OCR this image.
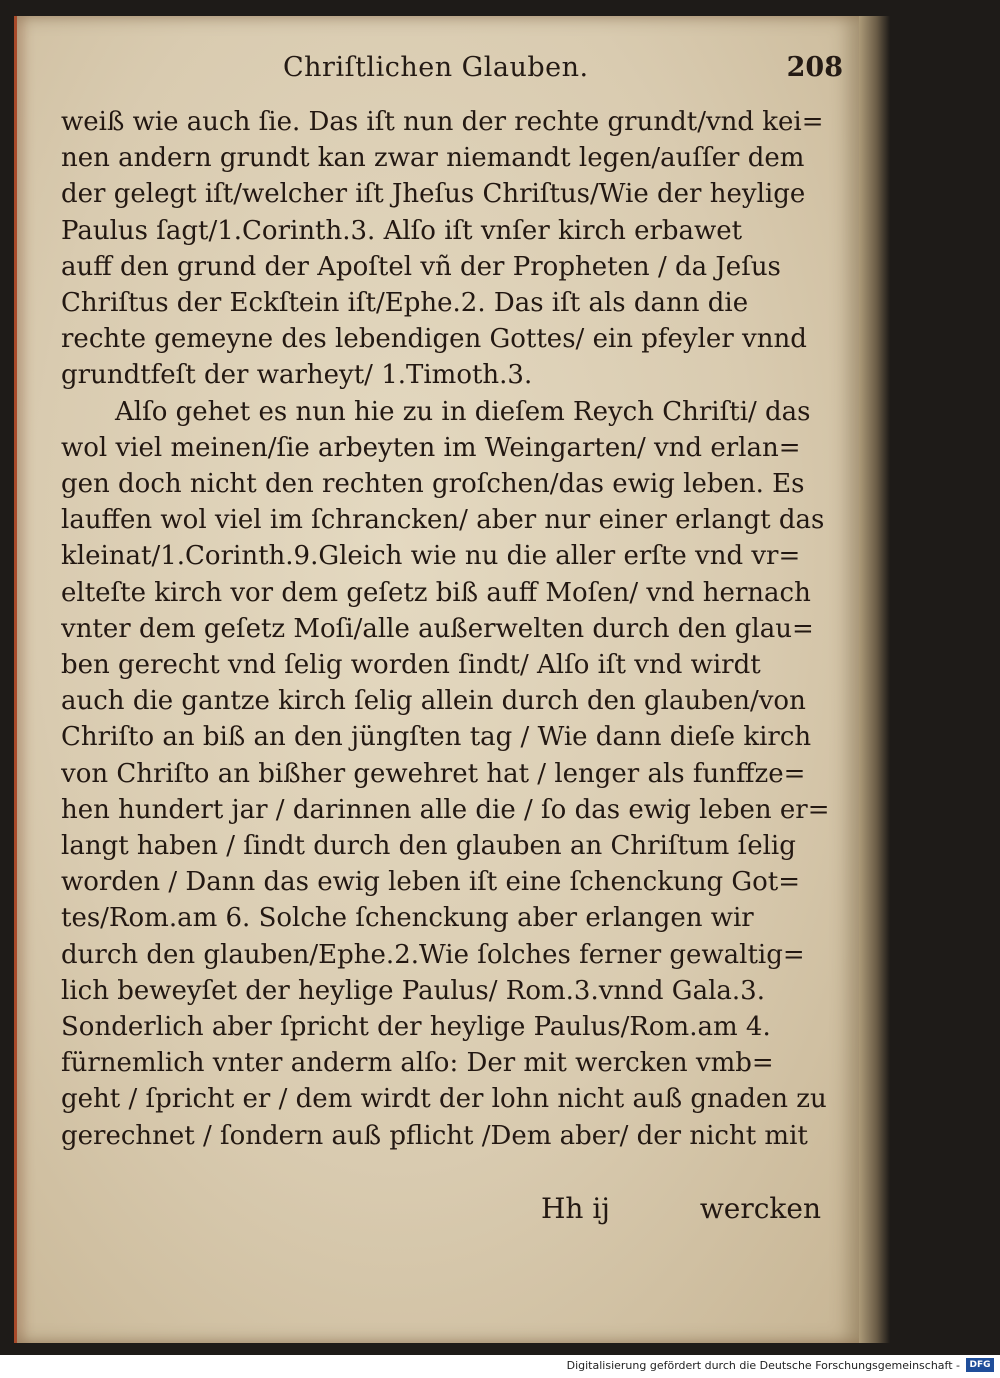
Chriſtlichen Glauben.	208
weiß wie auch ſie. Das iſt nun der rechte grundt/vnd kei=
nen andern grundt kan zwar niemandt legen/auſſer dem
der gelegt iſt/welcher iſt Jheſus Chriſtus/Wie der heylige
Paulus ſagt/1.Corinth.3. Alſo iſt vnſer kirch erbawet
auff den grund der Apoſtel vñ der Propheten / da Jeſus
Chriſtus der Eckſtein iſt/Ephe.2. Das iſt als dann die
rechte gemeyne des lebendigen Gottes/ ein pfeyler vnnd
grundtfeſt der warheyt/ 1.Timoth.3.
Alſo gehet es nun hie zu in dieſem Reych Chriſti/ das
wol viel meinen/ſie arbeyten im Weingarten/ vnd erlan=
gen doch nicht den rechten groſchen/das ewig leben. Es
lauffen wol viel im ſchrancken/ aber nur einer erlangt das
kleinat/1.Corinth.9.Gleich wie nu die aller erſte vnd vr=
elteſte kirch vor dem geſetz biß auff Moſen/ vnd hernach
vnter dem geſetz Moſi/alle außerwelten durch den glau=
ben gerecht vnd ſelig worden ſindt/ Alſo iſt vnd wirdt
auch die gantze kirch ſelig allein durch den glauben/von
Chriſto an biß an den jüngſten tag / Wie dann dieſe kirch
von Chriſto an bißher gewehret hat / lenger als funffze=
hen hundert jar / darinnen alle die / ſo das ewig leben er=
langt haben / ſindt durch den glauben an Chriſtum ſelig
worden / Dann das ewig leben iſt eine ſchenckung Got=
tes/Rom.am 6. Solche ſchenckung aber erlangen wir
durch den glauben/Ephe.2.Wie ſolches ferner gewaltig=
lich beweyſet der heylige Paulus/ Rom.3.vnnd Gala.3.
Sonderlich aber ſpricht der heylige Paulus/Rom.am 4.
fürnemlich vnter anderm alſo: Der mit wercken vmb=
geht / ſpricht er / dem wirdt der lohn nicht auß gnaden zu
gerechnet / ſondern auß pflicht /Dem aber/ der nicht mit
Hh ij	wercken
Digitalisierung gefördert durch die Deutsche Forschungsgemeinschaft -	DFG
